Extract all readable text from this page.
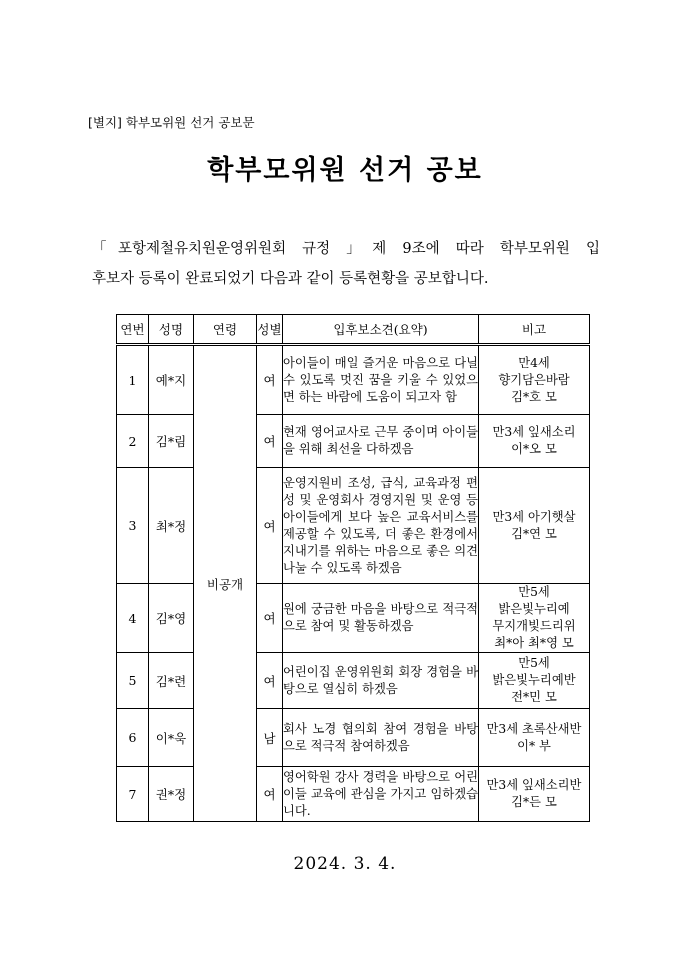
[별지] 학부모위원 선거 공보문
학부모위원 선거 공보
「포항제철유치원운영위원회 규정 」제 9조에 따라 학부모위원 입
후보자 등록이 완료되었기 다음과 같이 등록현황을 공보합니다.
연번	성명	연령	성별	입후보소견(요약)	비고
1	예*지	비공개	여	아이들이 매일 즐거운 마음으로 다닐 수 있도록 멋진 꿈을 키울 수 있었으면 하는 바람에 도움이 되고자 함	만4세
향기담은바람
김*호 모

2	김*림		여	현재 영어교사로 근무 중이며 아이들을 위해 최선을 다하겠음	만3세 잎새소리
이*오 모

3	최*정		여	운영지원비 조성, 급식, 교육과정 편성 및 운영회사 경영지원 및 운영 등 아이들에게 보다 높은 교육서비스를 제공할 수 있도록, 더 좋은 환경에서 지내기를 위하는 마음으로 좋은 의견 나눌 수 있도록 하겠음	만3세 아기햇살
김*연 모

4	김*영		여	원에 궁금한 마음을 바탕으로 적극적으로 참여 및 활동하겠음	만5세
밝은빛누리예
무지개빛드리위
최*아 최*영 모

5	김*련		여	어린이집 운영위원회 회장 경험을 바탕으로 열심히 하겠음	만5세
밝은빛누리예반
전*민 모

6	이*욱		남	회사 노경 협의회 참여 경험을 바탕으로 적극적 참여하겠음	만3세 초록산새반
이* 부

7	권*정		여	영어학원 강사 경력을 바탕으로 어린이들 교육에 관심을 가지고 임하겠습니다.	만3세 잎새소리반
김*든 모
2024. 3. 4.
